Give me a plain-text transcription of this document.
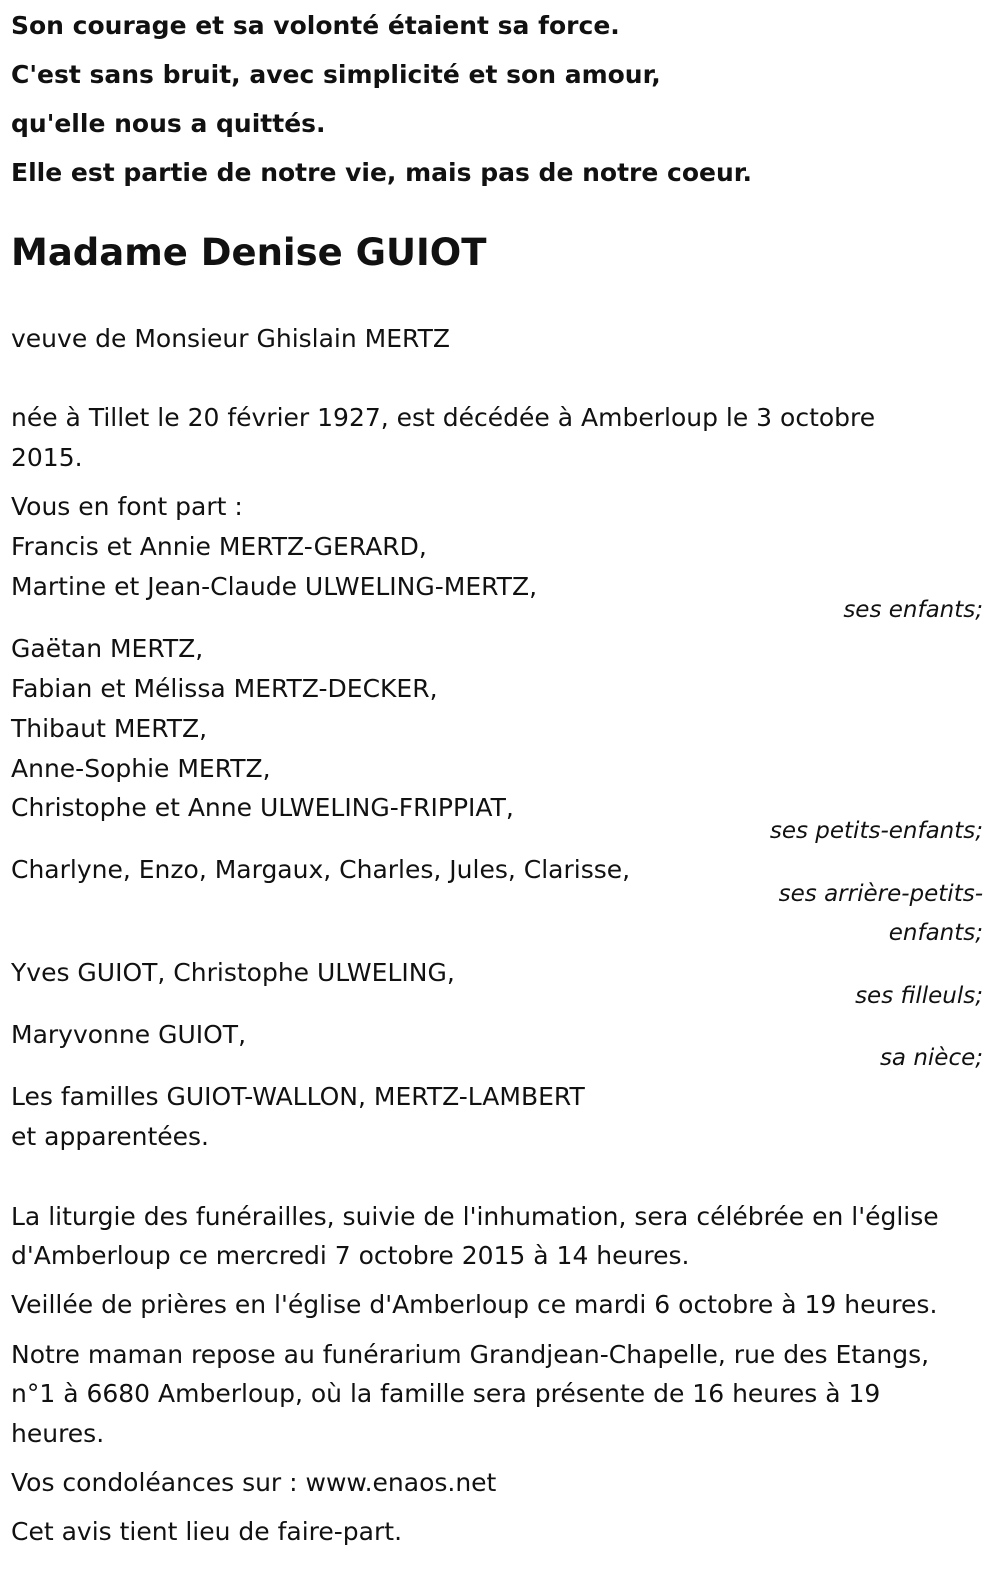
Son courage et sa volonté étaient sa force.
C'est sans bruit, avec simplicité et son amour,
qu'elle nous a quittés.
Elle est partie de notre vie, mais pas de notre coeur.
Madame Denise GUIOT
veuve de Monsieur Ghislain MERTZ
née à Tillet le 20 février 1927, est décédée à Amberloup le 3 octobre
2015.
Vous en font part :
Francis et Annie MERTZ-GERARD,
Martine et Jean-Claude ULWELING-MERTZ,
ses enfants;
Gaëtan MERTZ,
Fabian et Mélissa MERTZ-DECKER,
Thibaut MERTZ,
Anne-Sophie MERTZ,
Christophe et Anne ULWELING-FRIPPIAT,
ses petits-enfants;
Charlyne, Enzo, Margaux, Charles, Jules, Clarisse,
ses arrière-petits-
enfants;
Yves GUIOT, Christophe ULWELING,
ses filleuls;
Maryvonne GUIOT,
sa nièce;
Les familles GUIOT-WALLON, MERTZ-LAMBERT
et apparentées.
La liturgie des funérailles, suivie de l'inhumation, sera célébrée en l'église
d'Amberloup ce mercredi 7 octobre 2015 à 14 heures.
Veillée de prières en l'église d'Amberloup ce mardi 6 octobre à 19 heures.
Notre maman repose au funérarium Grandjean-Chapelle, rue des Etangs,
n°1 à 6680 Amberloup, où la famille sera présente de 16 heures à 19
heures.
Vos condoléances sur : www.enaos.net
Cet avis tient lieu de faire-part.
